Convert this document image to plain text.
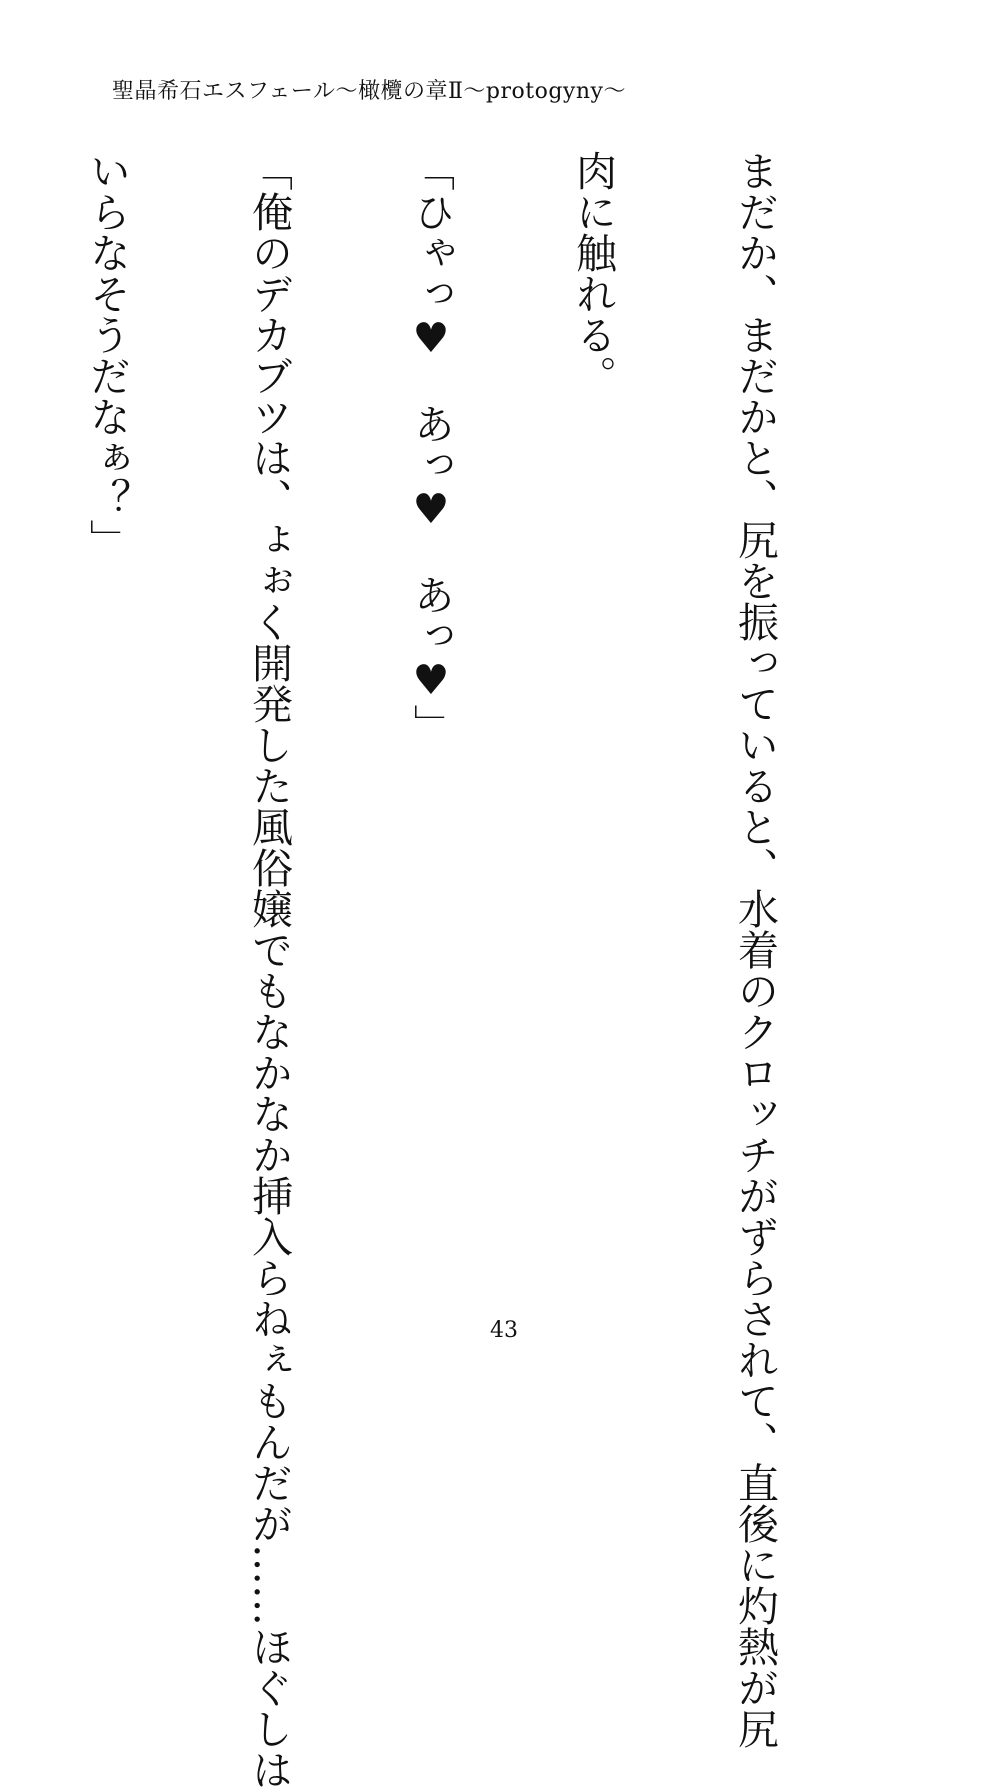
聖晶希石エスフェール〜橄欖の章Ⅱ〜protogyny〜

まだか、まだかと、尻を振っていると、水着のクロッチがずらされて、直後に灼熱が尻

肉に触れる。

「ひゃっ♥　あっ♥　あっ♥」

「俺のデカブツは、ょぉく開発した風俗嬢でもなかなか挿入らねぇもんだが……ほぐしは

いらなそうだなぁ？」

43
